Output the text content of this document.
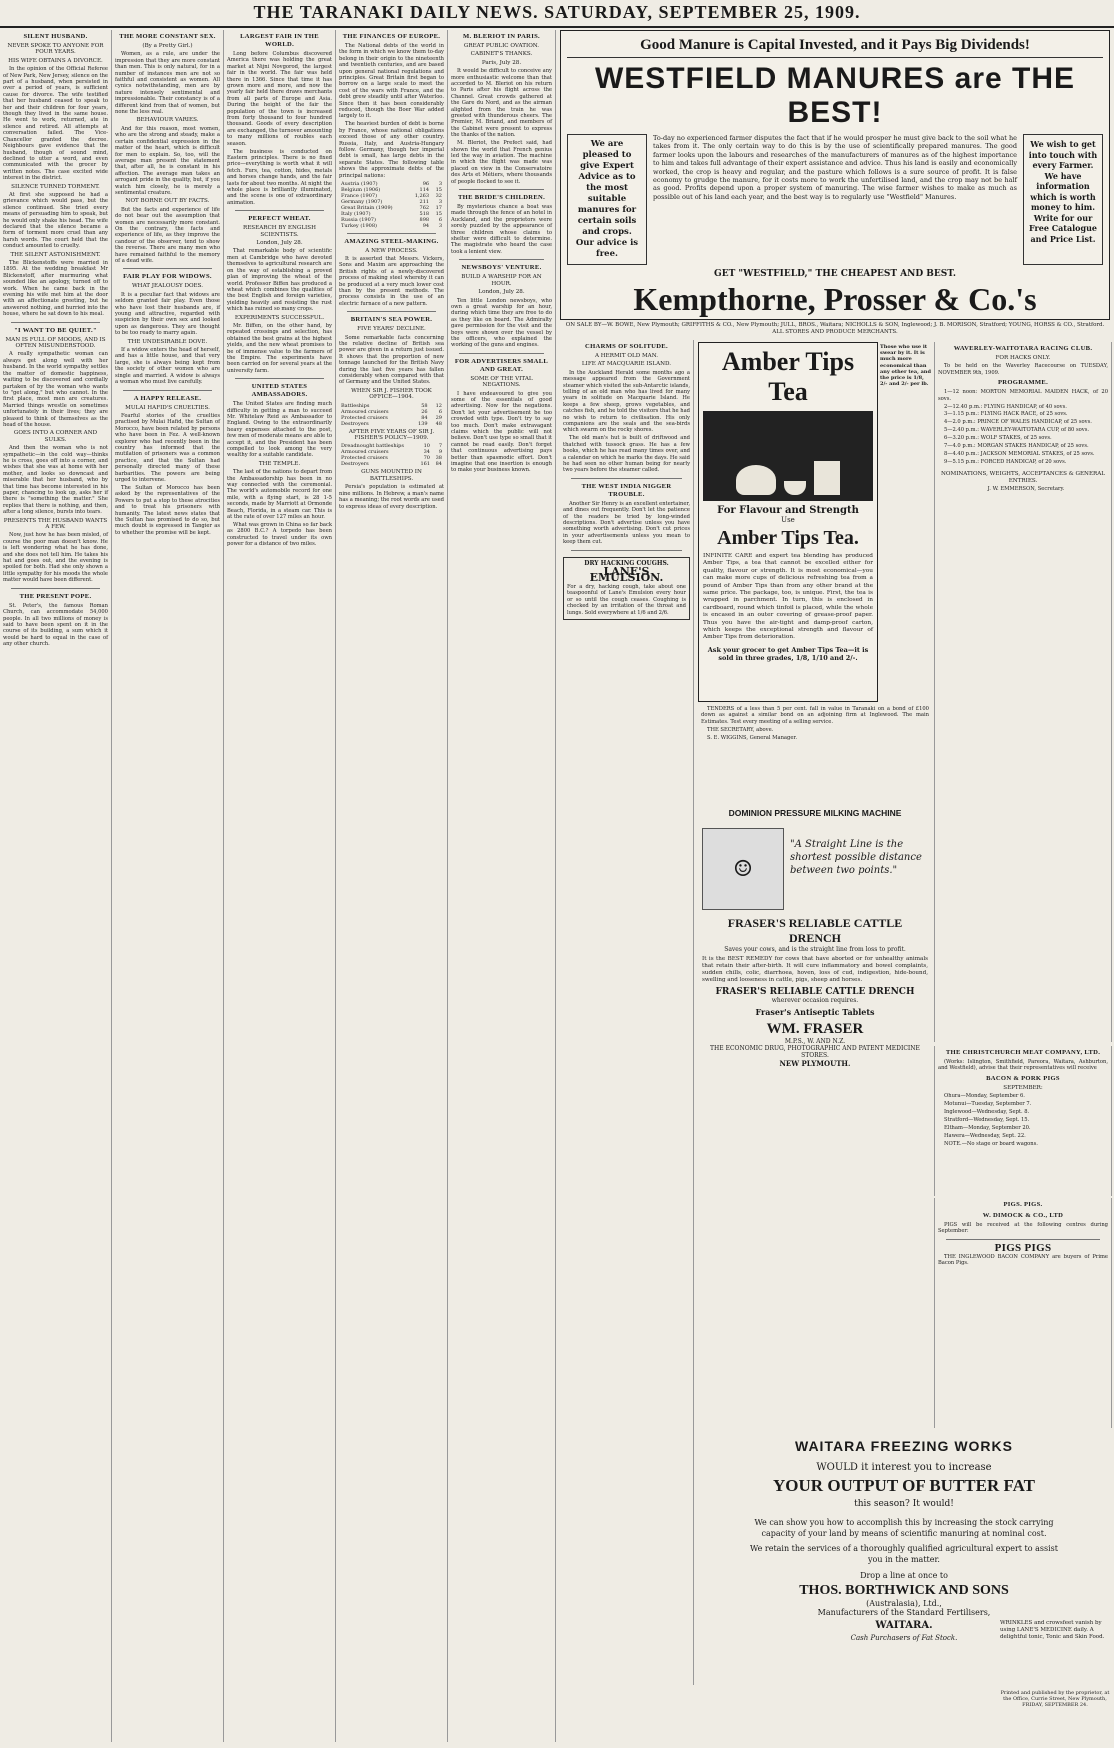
THE TARANAKI DAILY NEWS. SATURDAY, SEPTEMBER 25, 1909.
SILENT HUSBAND.
NEVER SPOKE TO ANYONE FOR FOUR YEARS.
HIS WIFE OBTAINS A DIVORCE.

In the opinion of the Official Referee of New Park, New Jersey, silence on the part of a husband, when persisted in over a period of years, is sufficient cause for divorce. The wife testified that her husband ceased to speak to her and their children for four years, though they lived in the same house. He went to work, returned, ate in silence and retired. All attempts at conversation failed. The Vice-Chancellor granted the decree. Neighbours gave evidence that the husband, though of sound mind, declined to utter a word, and even communicated with the grocer by written notes. The case excited wide interest in the district.

SILENCE TURNED TORMENT.

At first she supposed he had a grievance which would pass, but the silence continued. She tried every means of persuading him to speak, but he would only shake his head. The wife declared that the silence became a form of torment more cruel than any harsh words. The court held that the conduct amounted to cruelty.

THE SILENT ASTONISHMENT.

The Blickenstoffs were married in 1895. At the wedding breakfast Mr Blickenstoff, after murmuring what sounded like an apology, turned off to work. When he came back in the evening his wife met him at the door with an affectionate greeting, but he answered nothing, and hurried into the house, where he sat down to his meal.

"I WANT TO BE QUIET."
MAN IS FULL OF MOODS, AND IS OFTEN MISUNDERSTOOD.

A really sympathetic woman can always get along well with her husband. In the world sympathy settles the matter of domestic happiness, waiting to be discovered and cordially partaken of by the woman who wants to "get along," but who cannot. In the first place, most men are creatures. Married things wrestle on sometimes unfortunately in their lives; they are pleased to think of themselves as the head of the house.

GOES INTO A CORNER AND SULKS.

And then the woman who is not sympathetic—in the cold way—thinks he is cross, goes off into a corner, and wishes that she was at home with her mother, and looks so downcast and miserable that her husband, who by that time has become interested in his paper, chancing to look up, asks her if there is "something the matter." She replies that there is nothing, and then, after a long silence, bursts into tears.

PRESENTS THE HUSBAND WANTS A FEW.

Now, just how he has been misled, of course the poor man doesn't know. He is left wondering what he has done, and she does not tell him. He takes his hat and goes out, and the evening is spoiled for both. Had she only shown a little sympathy for his moods the whole matter would have been different.

THE PRESENT POPE.

St. Peter's, the famous Roman Church, can accommodate 54,000 people. In all two millions of money is said to have been spent on it in the course of its building, a sum which it would be hard to equal in the case of any other church.

THE MORE CONSTANT SEX.
(By a Pretty Girl.)

Women, as a rule, are under the impression that they are more constant than men. This is only natural, for in a number of instances men are not so faithful and consistent as women. All cynics notwithstanding, men are by nature intensely sentimental and impressionable. Their constancy is of a different kind from that of women, but none the less real.

BEHAVIOUR VARIES.

And for this reason, most women, who are the strong and steady, make a certain confidential expression in the matter of the heart, which is difficult for men to explain. So, too, will the average man present the statement that, after all, he is constant in his affection. The average man takes an arrogant pride in the quality, but, if you watch him closely, he is merely a sentimental creature.

NOT BORNE OUT BY FACTS.

But the facts and experience of life do not bear out the assumption that women are necessarily more constant. On the contrary, the facts and experience of life, as they improve the candour of the observer, tend to show the reverse. There are many men who have remained faithful to the memory of a dead wife.

FAIR PLAY FOR WIDOWS.
WHAT JEALOUSY DOES.

It is a peculiar fact that widows are seldom granted fair play. Even those who have lost their husbands are, if young and attractive, regarded with suspicion by their own sex and looked upon as dangerous. They are thought to be too ready to marry again.

THE UNDESIRABLE DOVE.

If a widow enters the head of herself, and has a little house, and that very large, she is always being kept from the society of other women who are single and married. A widow is always a woman who must live carefully.

A HAPPY RELEASE.
MULAI HAFID'S CRUELTIES.

Fearful stories of the cruelties practised by Mulai Hafid, the Sultan of Morocco, have been related by persons who have been in Fez. A well-known explorer who had recently been in the country has informed that the mutilation of prisoners was a common practice, and that the Sultan had personally directed many of these barbarities. The powers are being urged to intervene.

The Sultan of Morocco has been asked by the representatives of the Powers to put a stop to these atrocities and to treat his prisoners with humanity. The latest news states that the Sultan has promised to do so, but much doubt is expressed in Tangier as to whether the promise will be kept.

LARGEST FAIR IN THE WORLD.

Long before Columbus discovered America there was holding the great market at Nijni Novgorod, the largest fair in the world. The fair was held there in 1366. Since that time it has grown more and more, and now the yearly fair held there draws merchants from all parts of Europe and Asia. During the height of the fair the population of the town is increased from forty thousand to four hundred thousand. Goods of every description are exchanged, the turnover amounting to many millions of roubles each season.

The business is conducted on Eastern principles. There is no fixed price—everything is worth what it will fetch. Furs, tea, cotton, hides, metals and horses change hands, and the fair lasts for about two months. At night the whole place is brilliantly illuminated, and the scene is one of extraordinary animation.

PERFECT WHEAT.
RESEARCH BY ENGLISH SCIENTISTS.
London, July 28.

That remarkable body of scientific men at Cambridge who have devoted themselves to agricultural research are on the way of establishing a proved plan of improving the wheat of the world. Professor Biffen has produced a wheat which combines the qualities of the best English and foreign varieties, yielding heavily and resisting the rust which has ruined so many crops.

EXPERIMENTS SUCCESSFUL.

Mr. Biffen, on the other hand, by repeated crossings and selection, has obtained the best grains at the highest yields, and the new wheat promises to be of immense value to the farmers of the Empire. The experiments have been carried on for several years at the university farm.

UNITED STATES AMBASSADORS.

The United States are finding much difficulty in getting a man to succeed Mr. Whitelaw Reid as Ambassador to England. Owing to the extraordinarily heavy expenses attached to the post, few men of moderate means are able to accept it, and the President has been compelled to look among the very wealthy for a suitable candidate.

THE TEMPLE.

The last of the nations to depart from the Ambassadorship has been in no way connected with the ceremonial. The world's automobile record for one mile, with a flying start, is 28 1-5 seconds, made by Marriott at Ormonde Beach, Florida, in a steam car. This is at the rate of over 127 miles an hour.

What was grown in China so far back as 2800 B.C.? A torpedo has been constructed to travel under its own power for a distance of two miles.

THE FINANCES OF EUROPE.

The National debts of the world in the form in which we know them to-day belong in their origin to the nineteenth and twentieth centuries, and are based upon general national regulations and principles. Great Britain first began to borrow on a large scale to meet the cost of the wars with France, and the debt grew steadily until after Waterloo. Since then it has been considerably reduced, though the Boer War added largely to it.

The heaviest burden of debt is borne by France, whose national obligations exceed those of any other country. Russia, Italy, and Austria-Hungary follow. Germany, though her imperial debt is small, has large debts in the separate States. The following table shows the approximate debts of the principal nations:

Austria (1907)	96	3
Belgium (1906)	114	15
France (1907)	1,263	32
Germany (1907)	211	3
Great Britain (1909)	762	17
Italy (1907)	518	15
Russia (1907)	898	6
Turkey (1908)	94	3
AMAZING STEEL-MAKING.
A NEW PROCESS.

It is asserted that Messrs. Vickers, Sons and Maxim are approaching the British rights of a newly-discovered process of making steel whereby it can be produced at a very much lower cost than by the present methods. The process consists in the use of an electric furnace of a new pattern.

BRITAIN'S SEA POWER.
FIVE YEARS' DECLINE.

Some remarkable facts concerning the relative decline of British sea power are given in a return just issued. It shows that the proportion of new tonnage launched for the British Navy during the last five years has fallen considerably when compared with that of Germany and the United States.

WHEN SIR J. FISHER TOOK OFFICE—1904.
Battleships	58	12
Armoured cruisers	26	6
Protected cruisers	84	29
Destroyers	139	48
AFTER FIVE YEARS OF SIR J. FISHER'S POLICY—1909.
Dreadnought battleships	10	7
Armoured cruisers	34	9
Protected cruisers	70	38
Destroyers	161	84
GUNS MOUNTED IN BATTLESHIPS.

Persia's population is estimated at nine millions. In Hebrew, a man's name has a meaning; the root words are used to express ideas of every description.

M. BLERIOT IN PARIS.
GREAT PUBLIC OVATION.
CABINET'S THANKS.
Paris, July 28.

It would be difficult to conceive any more enthusiastic welcome than that accorded to M. Bleriot on his return to Paris after his flight across the Channel. Great crowds gathered at the Gare du Nord, and as the airman alighted from the train he was greeted with thunderous cheers. The Premier, M. Briand, and members of the Cabinet were present to express the thanks of the nation.

M. Bleriot, the Prefect said, had shown the world that French genius led the way in aviation. The machine in which the flight was made was placed on view in the Conservatoire des Arts et Métiers, where thousands of people flocked to see it.

THE BRIDE'S CHILDREN.

By mysterious chance a boat was made through the fence of an hotel in Auckland, and the proprietors were sorely puzzled by the appearance of three children whose claims to shelter were difficult to determine. The magistrate who heard the case took a lenient view.

NEWSBOYS' VENTURE.
BUILD A WARSHIP FOR AN HOUR.
London, July 28.

Ten little London newsboys, who own a great warship for an hour, during which time they are free to do as they like on board. The Admiralty gave permission for the visit and the boys were shown over the vessel by the officers, who explained the working of the guns and engines.

FOR ADVERTISERS SMALL AND GREAT.
SOME OF THE VITAL NEGATIONS.

I have endeavoured to give you some of the essentials of good advertising. Now for the negations. Don't let your advertisement be too crowded with type. Don't try to say too much. Don't make extravagant claims which the public will not believe. Don't use type so small that it cannot be read easily. Don't forget that continuous advertising pays better than spasmodic effort. Don't imagine that one insertion is enough to make your business known.

Good Manure is Capital Invested, and it Pays Big Dividends!
WESTFIELD MANURES are THE BEST!
We are pleased to give Expert Advice as to the most suitable manures for certain soils and crops. Our advice is free.
To-day no experienced farmer disputes the fact that if he would prosper he must give back to the soil what he takes from it. The only certain way to do this is by the use of scientifically prepared manures. The good farmer looks upon the labours and researches of the manufacturers of manures as of the highest importance to him and takes full advantage of their expert assistance and advice. Thus his land is easily and economically worked, the crop is heavy and regular, and the pasture which follows is a sure source of profit. It is false economy to grudge the manure, for it costs more to work the unfertilised land, and the crop may not be half as good. Profits depend upon a proper system of manuring. The wise farmer wishes to make as much as possible out of his land each year, and the best way is to regularly use "Westfield" Manures.
We wish to get into touch with every Farmer. We have information which is worth money to him. Write for our Free Catalogue and Price List.
GET "WESTFIELD," THE CHEAPEST AND BEST.
Kempthorne, Prosser & Co.'s
ON SALE BY—W. BOWE, New Plymouth; GRIFFITHS & CO., New Plymouth; JULL, BROS., Waitara; NICHOLLS & SON, Inglewood; J. B. MORISON, Stratford; YOUNG, HORSS & CO., Stratford. ALL STORES AND PRODUCE MERCHANTS.
CHARMS OF SOLITUDE.
A HERMIT OLD MAN.
LIFE AT MACQUARIE ISLAND.

In the Auckland Herald some months ago a message appeared from the Government steamer which visited the sub-Antarctic islands, telling of an old man who has lived for many years in solitude on Macquarie Island. He keeps a few sheep, grows vegetables, and catches fish, and he told the visitors that he had no wish to return to civilisation. His only companions are the seals and the sea-birds which swarm on the rocky shores.

The old man's hut is built of driftwood and thatched with tussock grass. He has a few books, which he has read many times over, and a calendar on which he marks the days. He said he had seen no other human being for nearly two years before the steamer called.

THE WEST INDIA NIGGER TROUBLE.

Another Sir Henry is an excellent entertainer, and dines out frequently. Don't let the patience of the readers be tried by long-winded descriptions. Don't advertise unless you have something worth advertising. Don't cut prices in your advertisements unless you mean to keep them cut.

DRY HACKING COUGHS.
LANE'S EMULSION.
For a dry, hacking cough, take about one teaspoonful of Lane's Emulsion every hour or so until the cough ceases. Coughing is checked by an irritation of the throat and lungs. Sold everywhere at 1/6 and 2/6.
Amber Tips Tea
For Flavour and Strength
Use
Amber Tips Tea.
INFINITE CARE and expert tea blending has produced Amber Tips, a tea that cannot be excelled either for quality, flavour or strength. It is most economical—you can make more cups of delicious refreshing tea from a pound of Amber Tips than from any other brand at the same price. The package, too, is unique. First, the tea is wrapped in parchment. In turn, this is enclosed in cardboard, round which tinfoil is placed, while the whole is encased in an outer covering of grease-proof paper. Thus you have the air-tight and damp-proof carton, which keeps the exceptional strength and flavour of Amber Tips from deterioration.
Ask your grocer to get Amber Tips Tea—it is sold in three grades, 1/8, 1/10 and 2/-.
Those who use it swear by it. It is much more economical than any other tea, and the price is 1/8, 2/- and 2/- per lb.
WAVERLEY-WAITOTARA RACING CLUB.
FOR HACKS ONLY.

To be held on the Waverley Racecourse on TUESDAY, NOVEMBER 9th, 1909.

PROGRAMME.

1—12 noon: MORTON MEMORIAL MAIDEN HACK, of 20 sovs.

2—12.40 p.m.: FLYING HANDICAP, of 40 sovs.

3—1.15 p.m.: FLYING HACK RACE, of 25 sovs.

4—2.0 p.m.: PRINCE OF WALES HANDICAP, of 25 sovs.

5—2.40 p.m.: WAVERLEY-WAITOTARA CUP, of 80 sovs.

6—3.20 p.m.: WOLF STAKES, of 25 sovs.

7—4.0 p.m.: MORGAN STAKES HANDICAP, of 25 sovs.

8—4.40 p.m.: JACKSON MEMORIAL STAKES, of 25 sovs.

9—5.15 p.m.: FORCED HANDICAP, of 20 sovs.

NOMINATIONS, WEIGHTS, ACCEPTANCES & GENERAL ENTRIES.

J. W. EMMERSON, Secretary.

TENDERS of a less than 5 per cent. fall in value in Taranaki on a bond of £100 down as against a similar bond on an adjoining firm at Inglewood. The main Estimates. Test every meeting of a selling service.

THE SECRETARY, above.

S. E. WIGGINS, General Manager.

DOMINION PRESSURE MILKING MACHINE
☺
"A Straight Line is the shortest possible distance between two points."
FRASER'S RELIABLE CATTLE DRENCH
Saves your cows, and is the straight line from loss to profit.
It is the BEST REMEDY for cows that have aborted or for unhealthy animals that retain their after-birth. It will cure inflammatory and bowel complaints, sudden chills, colic, diarrhoea, hoven, loss of cud, indigestion, hide-bound, swelling and looseness in cattle, pigs, sheep and horses.
FRASER'S RELIABLE CATTLE DRENCH
wherever occasion requires.
Fraser's Antiseptic Tablets
WM. FRASER
M.P.S., W. AND N.Z.
THE ECONOMIC DRUG, PHOTOGRAPHIC AND PATENT MEDICINE STORES.
NEW PLYMOUTH.
THE CHRISTCHURCH MEAT COMPANY, LTD.

(Works: Islington, Smithfield, Pareora, Waitara, Ashburton, and Westfield), advise that their representatives will receive

BACON & PORK PIGS
SEPTEMBER:

Ohura—Monday, September 6.

Motunui—Tuesday, September 7.

Inglewood—Wednesday, Sept. 8.

Stratford—Wednesday, Sept. 15.

Eltham—Monday, September 20.

Hawera—Wednesday, Sept. 22.

NOTE.—No stage or board wagons.

PIGS. PIGS.
W. DIMOCK & CO., LTD

PIGS will be received at the following centres during September:

PIGS PIGS

THE INGLEWOOD BACON COMPANY are buyers of Prime Bacon Pigs.

WAITARA FREEZING WORKS
WOULD it interest you to increase
YOUR OUTPUT OF BUTTER FAT
this season? It would!
We can show you how to accomplish this by increasing the stock carrying capacity of your land by means of scientific manuring at nominal cost.
We retain the services of a thoroughly qualified agricultural expert to assist you in the matter.
Drop a line at once to
THOS. BORTHWICK AND SONS
(Australasia), Ltd.,
Manufacturers of the Standard Fertilisers,
WAITARA.
Cash Purchasers of Fat Stock.
WRINKLES and crowsfeet vanish by using LANE'S MEDICINE daily. A delightful tonic, Tonic and Skin Food.
Printed and published by the proprietor, at the Office, Currie Street, New Plymouth, FRIDAY, SEPTEMBER 24.
